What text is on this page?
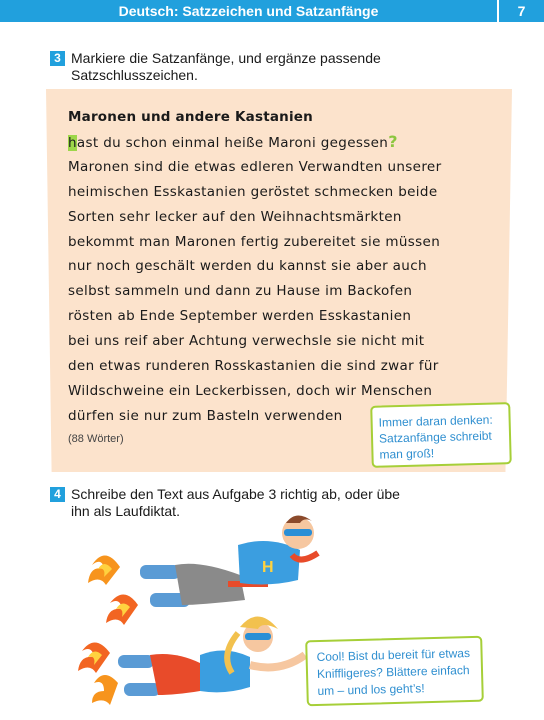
Deutsch: Satzzeichen und Satzanfänge	7
3 Markiere die Satzanfänge, und ergänze passende Satzschlusszeichen.
Maronen und andere Kastanien
hast du schon einmal heiße Maroni gegessen?
Maronen sind die etwas edleren Verwandten unserer
heimischen Esskastanien geröstet schmecken beide
Sorten sehr lecker auf den Weihnachtsmärkten
bekommt man Maronen fertig zubereitet sie müssen
nur noch geschält werden du kannst sie aber auch
selbst sammeln und dann zu Hause im Backofen
rösten ab Ende September werden Esskastanien
bei uns reif aber Achtung verwechsle sie nicht mit
den etwas runderen Rosskastanien die sind zwar für
Wildschweine ein Leckerbissen, doch wir Menschen
dürfen sie nur zum Basteln verwenden
(88 Wörter)
Immer daran denken: Satzanfänge schreibt man groß!
4 Schreibe den Text aus Aufgabe 3 richtig ab, oder übe ihn als Laufdiktat.
H
Cool! Bist du bereit für etwas Kniffligeres? Blättere einfach um – und los geht’s!
